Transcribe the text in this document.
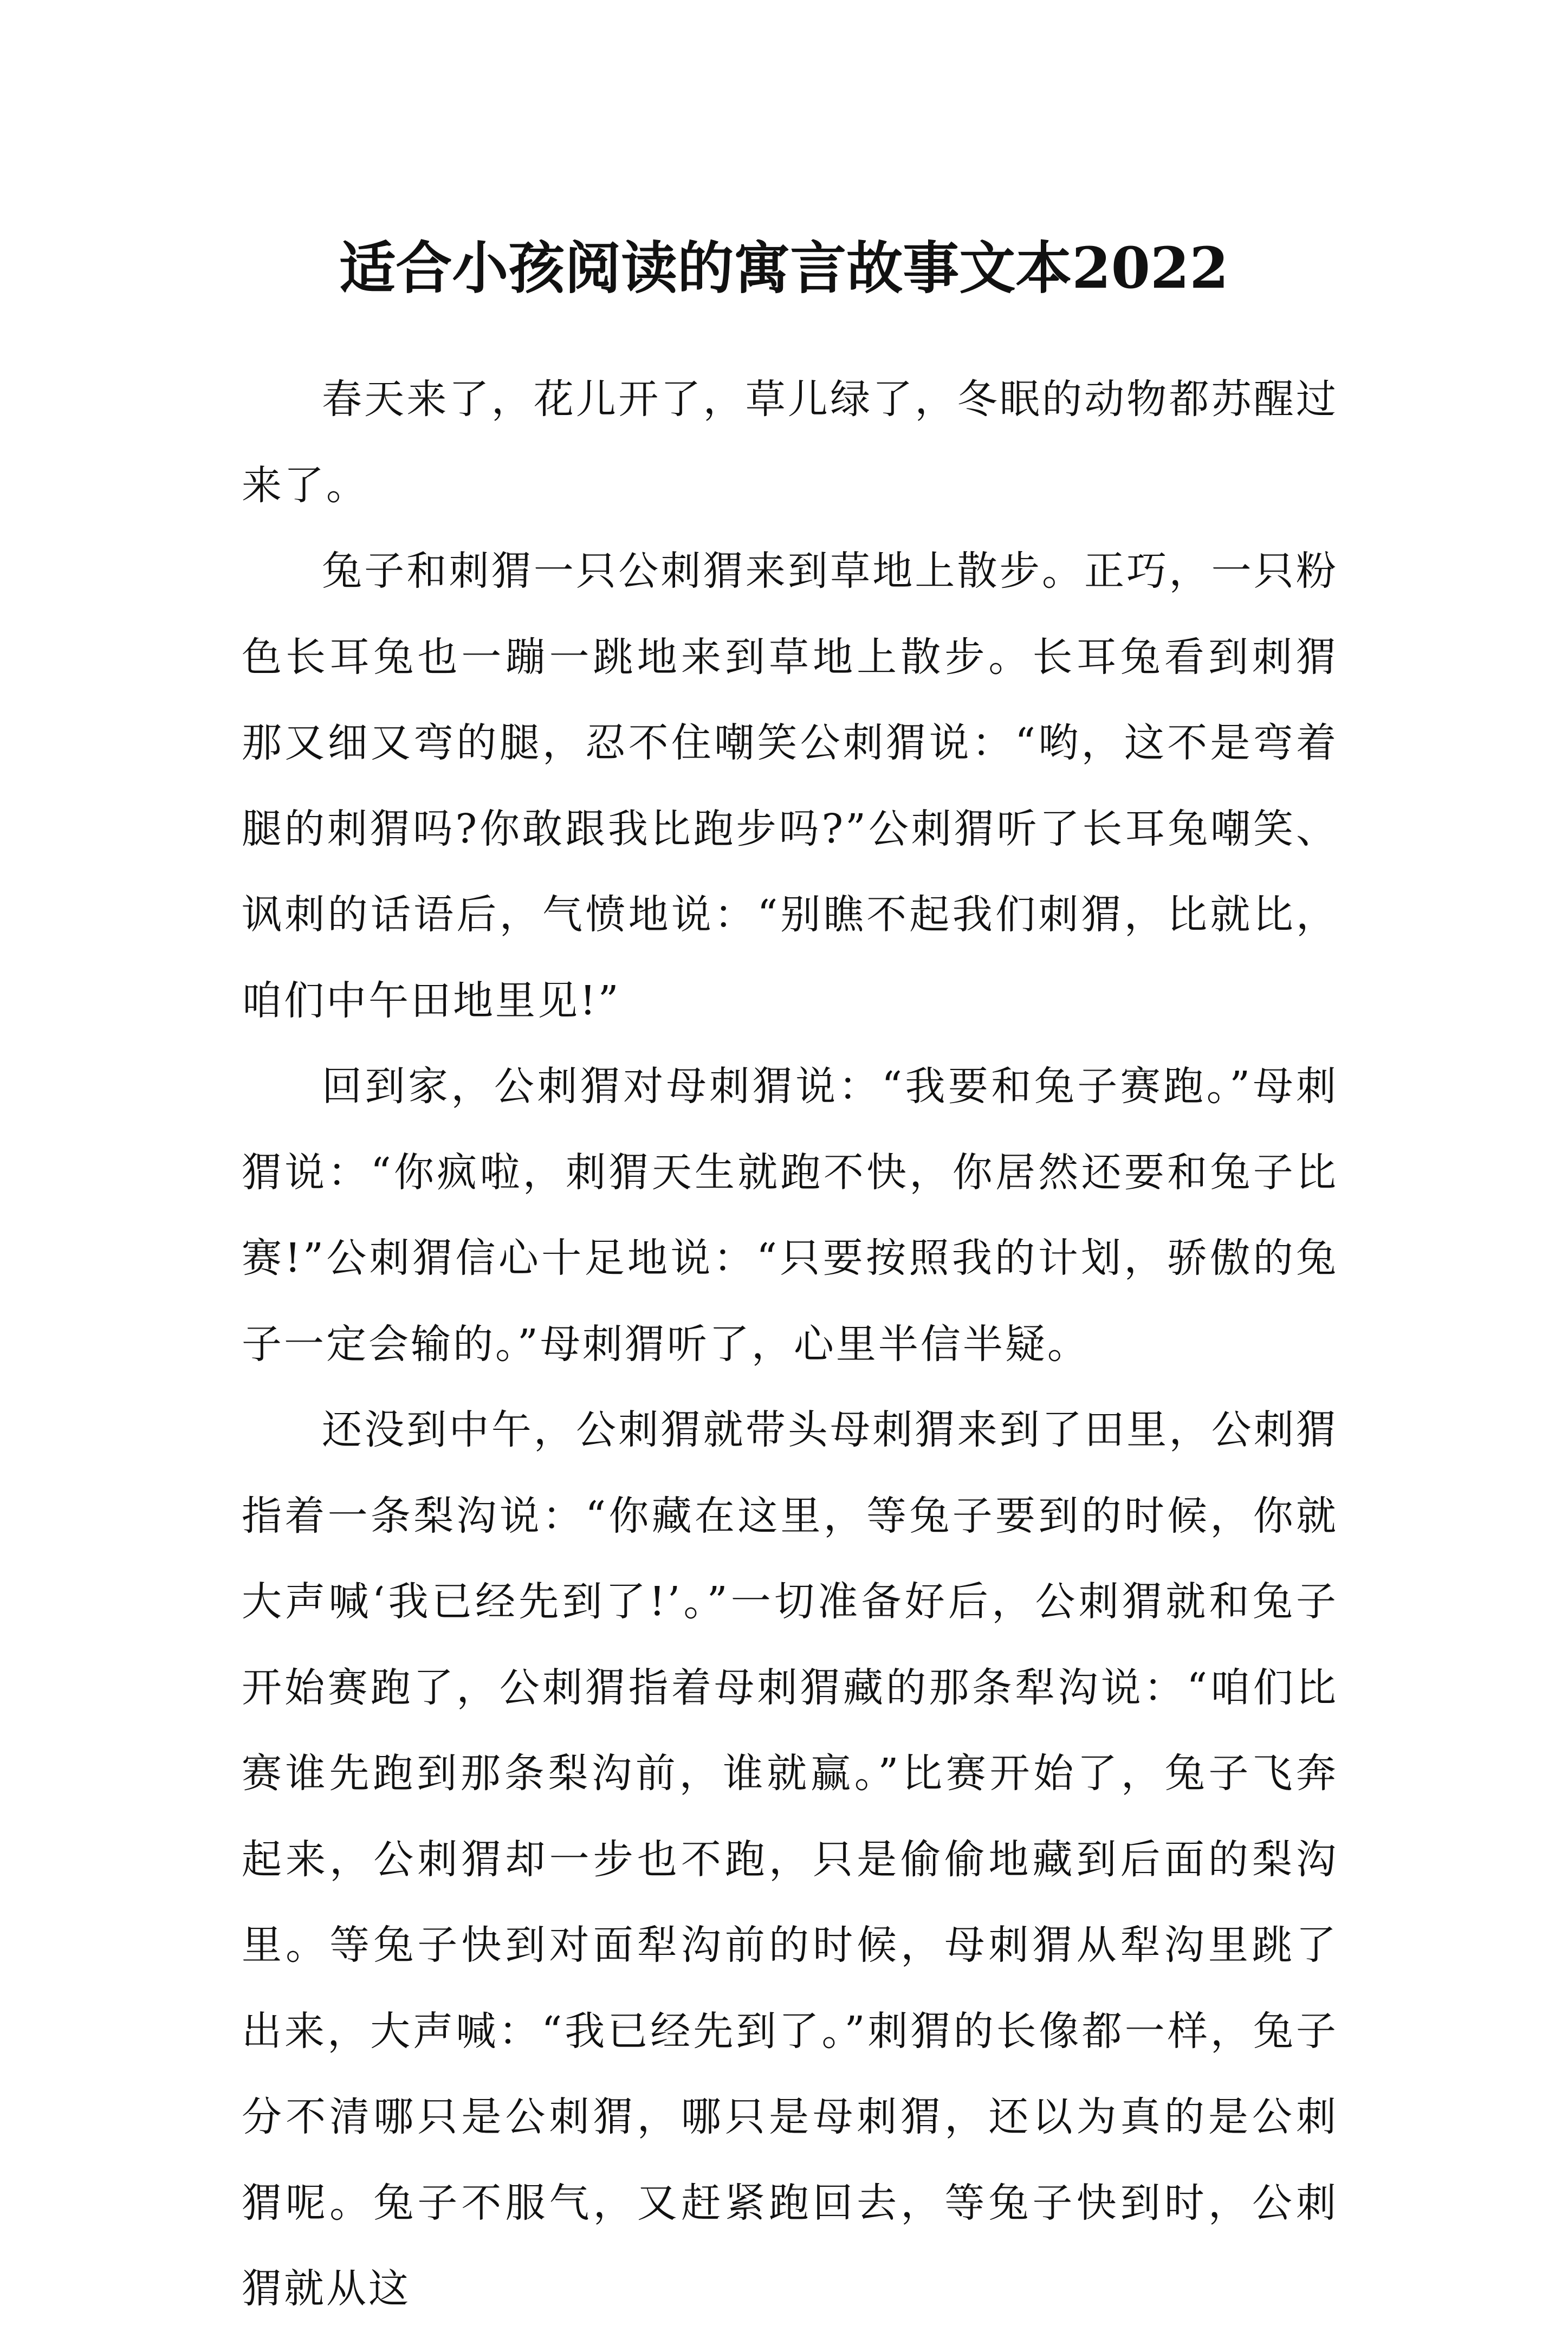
适合小孩阅读的寓言故事文本2022

春天来了，花儿开了，草儿绿了，冬眠的动物都苏醒过来了。

兔子和刺猬一只公刺猬来到草地上散步。正巧，一只粉色长耳兔也一蹦一跳地来到草地上散步。长耳兔看到刺猬那又细又弯的腿，忍不住嘲笑公刺猬说：“哟，这不是弯着腿的刺猬吗?你敢跟我比跑步吗?”公刺猬听了长耳兔嘲笑、讽刺的话语后，气愤地说：“别瞧不起我们刺猬，比就比，咱们中午田地里见!”

回到家，公刺猬对母刺猬说：“我要和兔子赛跑。”母刺猬说：“你疯啦，刺猬天生就跑不快，你居然还要和兔子比赛!”公刺猬信心十足地说：“只要按照我的计划，骄傲的兔子一定会输的。”母刺猬听了，心里半信半疑。

还没到中午，公刺猬就带头母刺猬来到了田里，公刺猬指着一条梨沟说：“你藏在这里，等兔子要到的时候，你就大声喊‘我已经先到了!’。”一切准备好后，公刺猬就和兔子开始赛跑了，公刺猬指着母刺猬藏的那条犁沟说：“咱们比赛谁先跑到那条梨沟前，谁就赢。”比赛开始了，兔子飞奔起来，公刺猬却一步也不跑，只是偷偷地藏到后面的梨沟里。等兔子快到对面犁沟前的时候，母刺猬从犁沟里跳了出来，大声喊：“我已经先到了。”刺猬的长像都一样，兔子分不清哪只是公刺猬，哪只是母刺猬，还以为真的是公刺猬呢。兔子不服气，又赶紧跑回去，等兔子快到时，公刺猬就从这
